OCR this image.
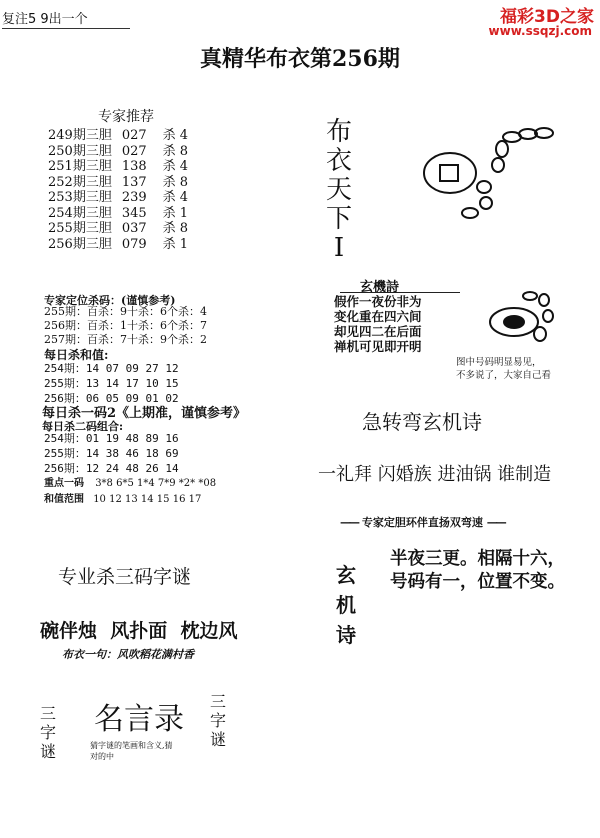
复注5 9出一个	福彩3D之家
www.ssqzj.com
真精华布衣第256期
专家推荐
249期三胆 027 杀 4
250期三胆 027 杀 8
251期三胆 138 杀 4
252期三胆 137 杀 8
253期三胆 239 杀 4
254期三胆 345 杀 1
255期三胆 037 杀 8
256期三胆 079 杀 1
专家定位杀码：(谨慎参考)
255期：百杀：9十杀：6个杀：4
256期：百杀：1十杀：6个杀：7
257期：百杀：7十杀：9个杀：2
每日杀和值:
254期：14 07 09 27 12
255期：13 14 17 10 15
256期：06 05 09 01 02
每日杀一码2《上期准，谨慎参考》
每日杀二码组合:
254期：01 19 48 89 16
255期：14 38 46 18 69
256期：12 24 48 26 14
重点一码 3*8 6*5 1*4 7*9 *2* *08
和值范围 10 12 13 14 15 16 17
布
衣
天
下
I
玄機詩
假作一夜份非为
变化重在四六间
却见四二在后面
禅机可见即开明
图中号码明显易见，
不多说了，大家自己看
急转弯玄机诗
一礼拜 闪婚族 进油锅 谁制造
—— 专家定胆环伴直扬双弯速 ——
玄
机
诗
半夜三更。相隔十六，
号码有一，位置不变。
专业杀三码字谜
碗伴烛  风扑面  枕边风
布衣一句：风吹稻花满村香
三
字
谜
名言录
猜字谜的笔画和含义,猜
对的中
三
字
谜
